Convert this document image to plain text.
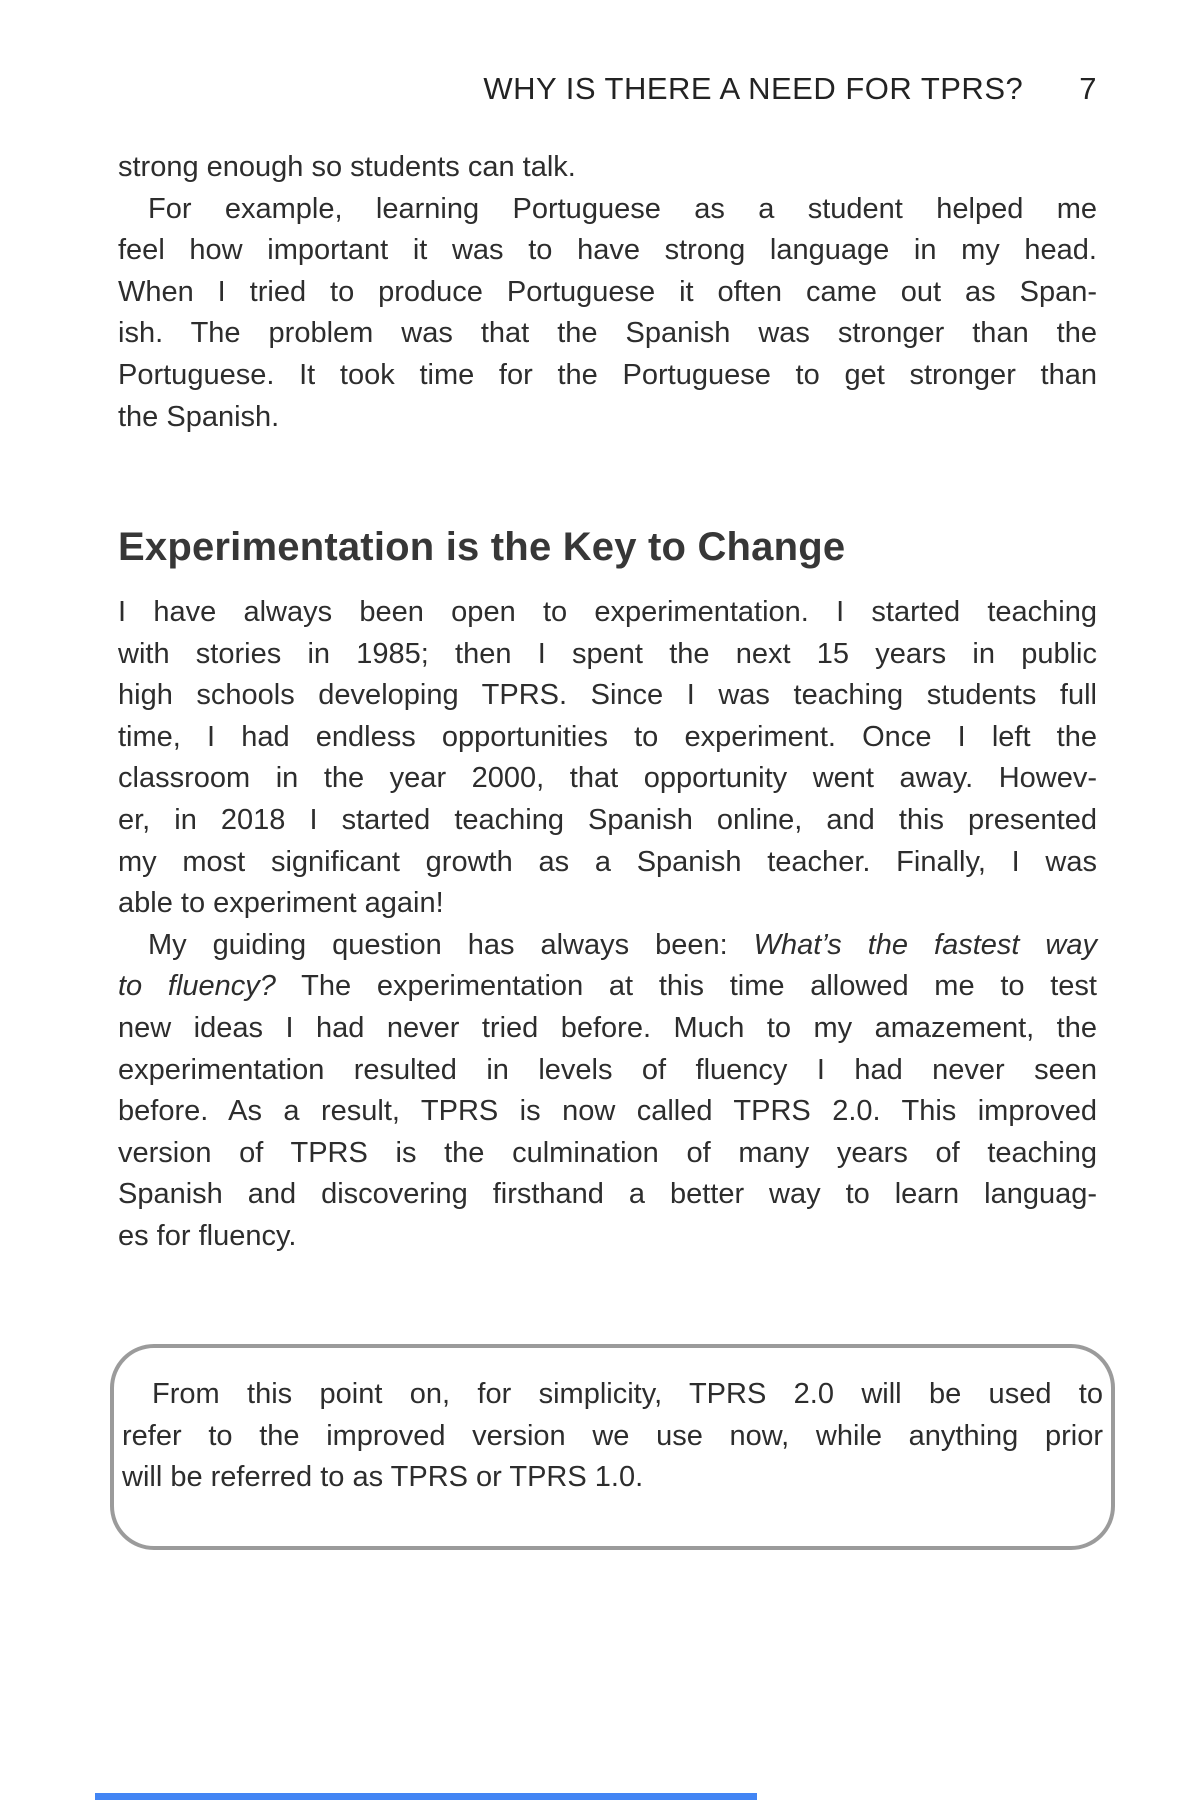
WHY IS THERE A NEED FOR TPRS? 7
strong enough so students can talk.
For example, learning Portuguese as a student helped me
feel how important it was to have strong language in my head.
When I tried to produce Portuguese it often came out as Span-
ish. The problem was that the Spanish was stronger than the
Portuguese. It took time for the Portuguese to get stronger than
the Spanish.
Experimentation is the Key to Change
I have always been open to experimentation. I started teaching
with stories in 1985; then I spent the next 15 years in public
high schools developing TPRS. Since I was teaching students full
time, I had endless opportunities to experiment. Once I left the
classroom in the year 2000, that opportunity went away. Howev-
er, in 2018 I started teaching Spanish online, and this presented
my most significant growth as a Spanish teacher. Finally, I was
able to experiment again!
My guiding question has always been: What’s the fastest way
to fluency? The experimentation at this time allowed me to test
new ideas I had never tried before. Much to my amazement, the
experimentation resulted in levels of fluency I had never seen
before. As a result, TPRS is now called TPRS 2.0. This improved
version of TPRS is the culmination of many years of teaching
Spanish and discovering firsthand a better way to learn languag-
es for fluency.
From this point on, for simplicity, TPRS 2.0 will be used to
refer to the improved version we use now, while anything prior
will be referred to as TPRS or TPRS 1.0.
